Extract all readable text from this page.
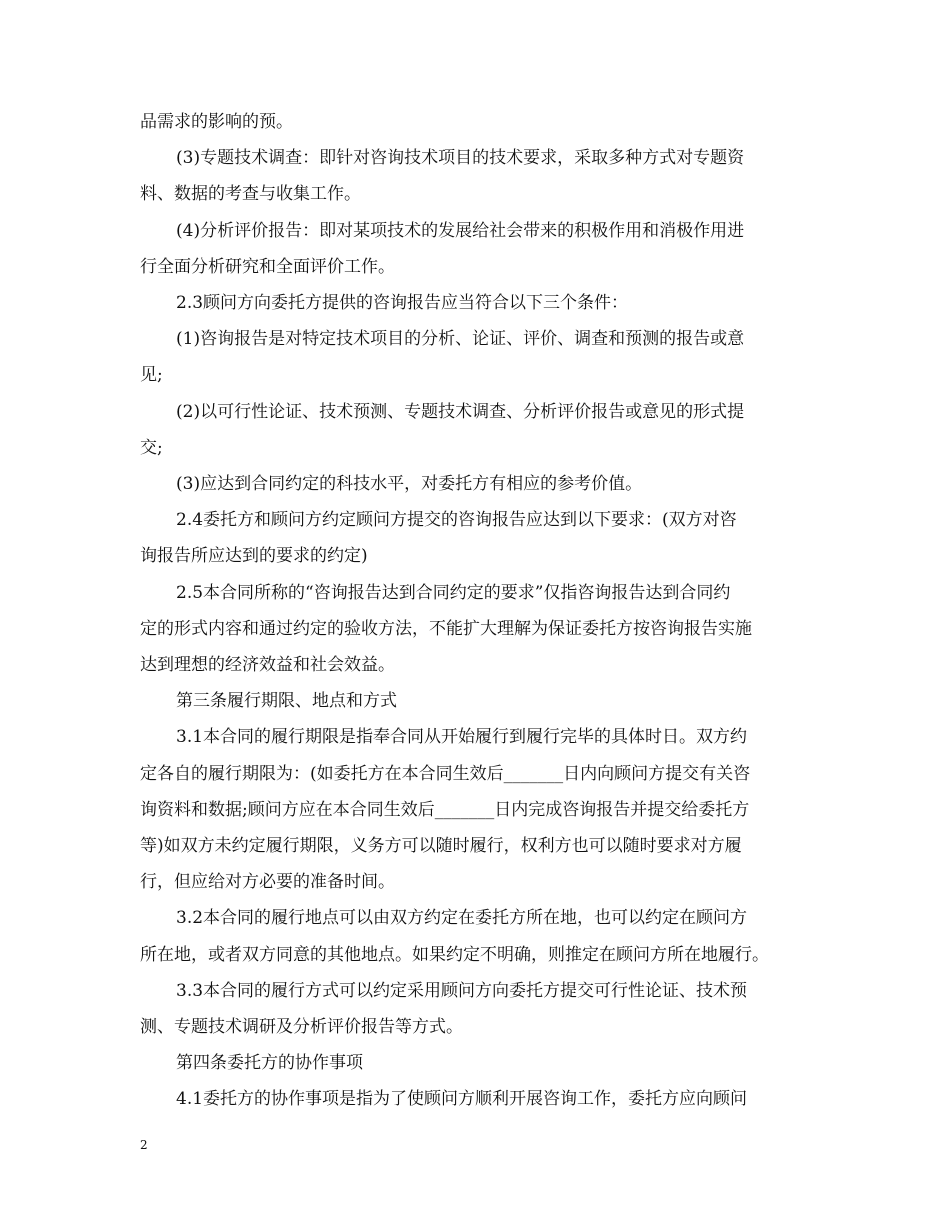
品需求的影响的预。
(3)专题技术调查：即针对咨询技术项目的技术要求，采取多种方式对专题资
料、数据的考查与收集工作。
(4)分析评价报告：即对某项技术的发展给社会带来的积极作用和消极作用进
行全面分析研究和全面评价工作。
2.3顾问方向委托方提供的咨询报告应当符合以下三个条件：
(1)咨询报告是对特定技术项目的分析、论证、评价、调查和预测的报告或意
见;
(2)以可行性论证、技术预测、专题技术调查、分析评价报告或意见的形式提
交;
(3)应达到合同约定的科技水平，对委托方有相应的参考价值。
2.4委托方和顾问方约定顾问方提交的咨询报告应达到以下要求：(双方对咨
询报告所应达到的要求的约定)
2.5本合同所称的“咨询报告达到合同约定的要求”仅指咨询报告达到合同约
定的形式内容和通过约定的验收方法，不能扩大理解为保证委托方按咨询报告实施
达到理想的经济效益和社会效益。
第三条履行期限、地点和方式
3.1本合同的履行期限是指奉合同从开始履行到履行完毕的具体时日。双方约
定各自的履行期限为：(如委托方在本合同生效后_______日内向顾问方提交有关咨
询资料和数据;顾问方应在本合同生效后_______日内完成咨询报告并提交给委托方
等)如双方未约定履行期限，义务方可以随时履行，权利方也可以随时要求对方履
行，但应给对方必要的准备时间。
3.2本合同的履行地点可以由双方约定在委托方所在地，也可以约定在顾问方
所在地，或者双方同意的其他地点。如果约定不明确，则推定在顾问方所在地履行。
3.3本合同的履行方式可以约定采用顾问方向委托方提交可行性论证、技术预
测、专题技术调研及分析评价报告等方式。
第四条委托方的协作事项
4.1委托方的协作事项是指为了使顾问方顺利开展咨询工作，委托方应向顾问
2
